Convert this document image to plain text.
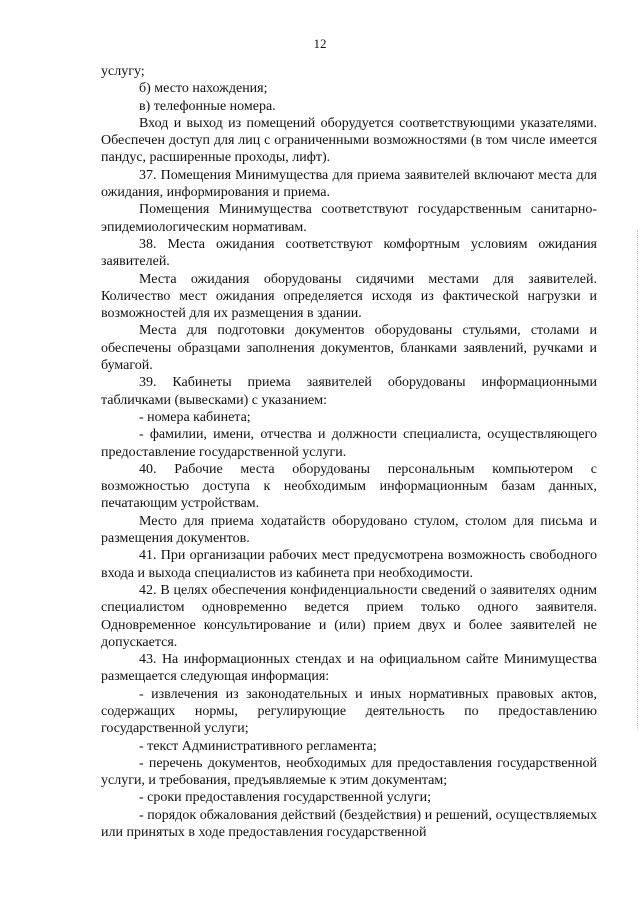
12

услугу;

б) место нахождения;

в) телефонные номера.

Вход и выход из помещений оборудуется соответствующими указателями. Обеспечен доступ для лиц с ограниченными возможностями (в том числе имеется пандус, расширенные проходы, лифт).

37. Помещения Минимущества для приема заявителей включают места для ожидания, информирования и приема.

Помещения Минимущества соответствуют государственным санитарно-эпидемиологическим нормативам.

38. Места ожидания соответствуют комфортным условиям ожидания заявителей.

Места ожидания оборудованы сидячими местами для заявителей. Количество мест ожидания определяется исходя из фактической нагрузки и возможностей для их размещения в здании.

Места для подготовки документов оборудованы стульями, столами и обеспечены образцами заполнения документов, бланками заявлений, ручками и бумагой.

39. Кабинеты приема заявителей оборудованы информационными табличками (вывесками) с указанием:

- номера кабинета;

- фамилии, имени, отчества и должности специалиста, осуществляющего предоставление государственной услуги.

40. Рабочие места оборудованы персональным компьютером с возможностью доступа к необходимым информационным базам данных, печатающим устройствам.

Место для приема ходатайств оборудовано стулом, столом для письма и размещения документов.

41. При организации рабочих мест предусмотрена возможность свободного входа и выхода специалистов из кабинета при необходимости.

42. В целях обеспечения конфиденциальности сведений о заявителях одним специалистом одновременно ведется прием только одного заявителя. Одновременное консультирование и (или) прием двух и более заявителей не допускается.

43. На информационных стендах и на официальном сайте Минимущества размещается следующая информация:

- извлечения из законодательных и иных нормативных правовых актов, содержащих нормы, регулирующие деятельность по предоставлению государственной услуги;

- текст Административного регламента;

- перечень документов, необходимых для предоставления государственной услуги, и требования, предъявляемые к этим документам;

- сроки предоставления государственной услуги;

- порядок обжалования действий (бездействия) и решений, осуществляемых или принятых в ходе предоставления государственной
